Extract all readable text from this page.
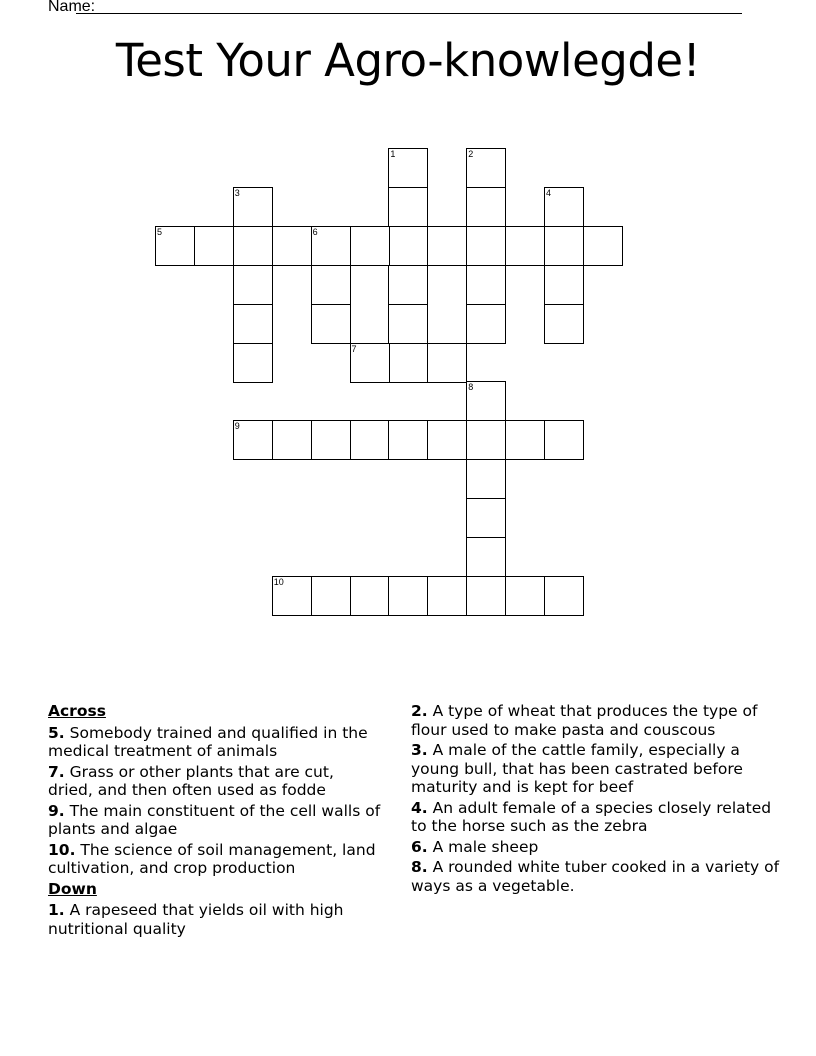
Name:
Test Your Agro-knowlegde!
Across
5. Somebody trained and qualified in the medical treatment of animals
7. Grass or other plants that are cut, dried, and then often used as fodde
9. The main constituent of the cell walls of plants and algae
10. The science of soil management, land cultivation, and crop production
Down
1. A rapeseed that yields oil with high nutritional quality
2. A type of wheat that produces the type of flour used to make pasta and couscous
3. A male of the cattle family, especially a young bull, that has been castrated before maturity and is kept for beef
4. An adult female of a species closely related to the horse such as the zebra
6. A male sheep
8. A rounded white tuber cooked in a variety of ways as a vegetable.
1	2
3	4
5	6
7
8
9
10
